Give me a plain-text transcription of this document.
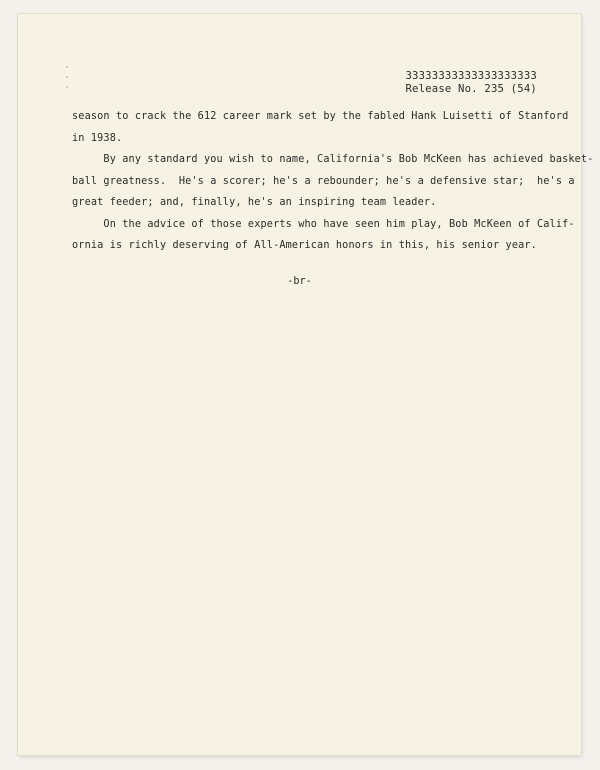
33333333333333333333
Release No. 235 (54)
season to crack the 612 career mark set by the fabled Hank Luisetti of Stanford
in 1938.
By any standard you wish to name, California's Bob McKeen has achieved basket-
ball greatness.  He's a scorer; he's a rebounder; he's a defensive star;  he's a
great feeder; and, finally, he's an inspiring team leader.
On the advice of those experts who have seen him play, Bob McKeen of Calif-
ornia is richly deserving of All-American honors in this, his senior year.
-br-
